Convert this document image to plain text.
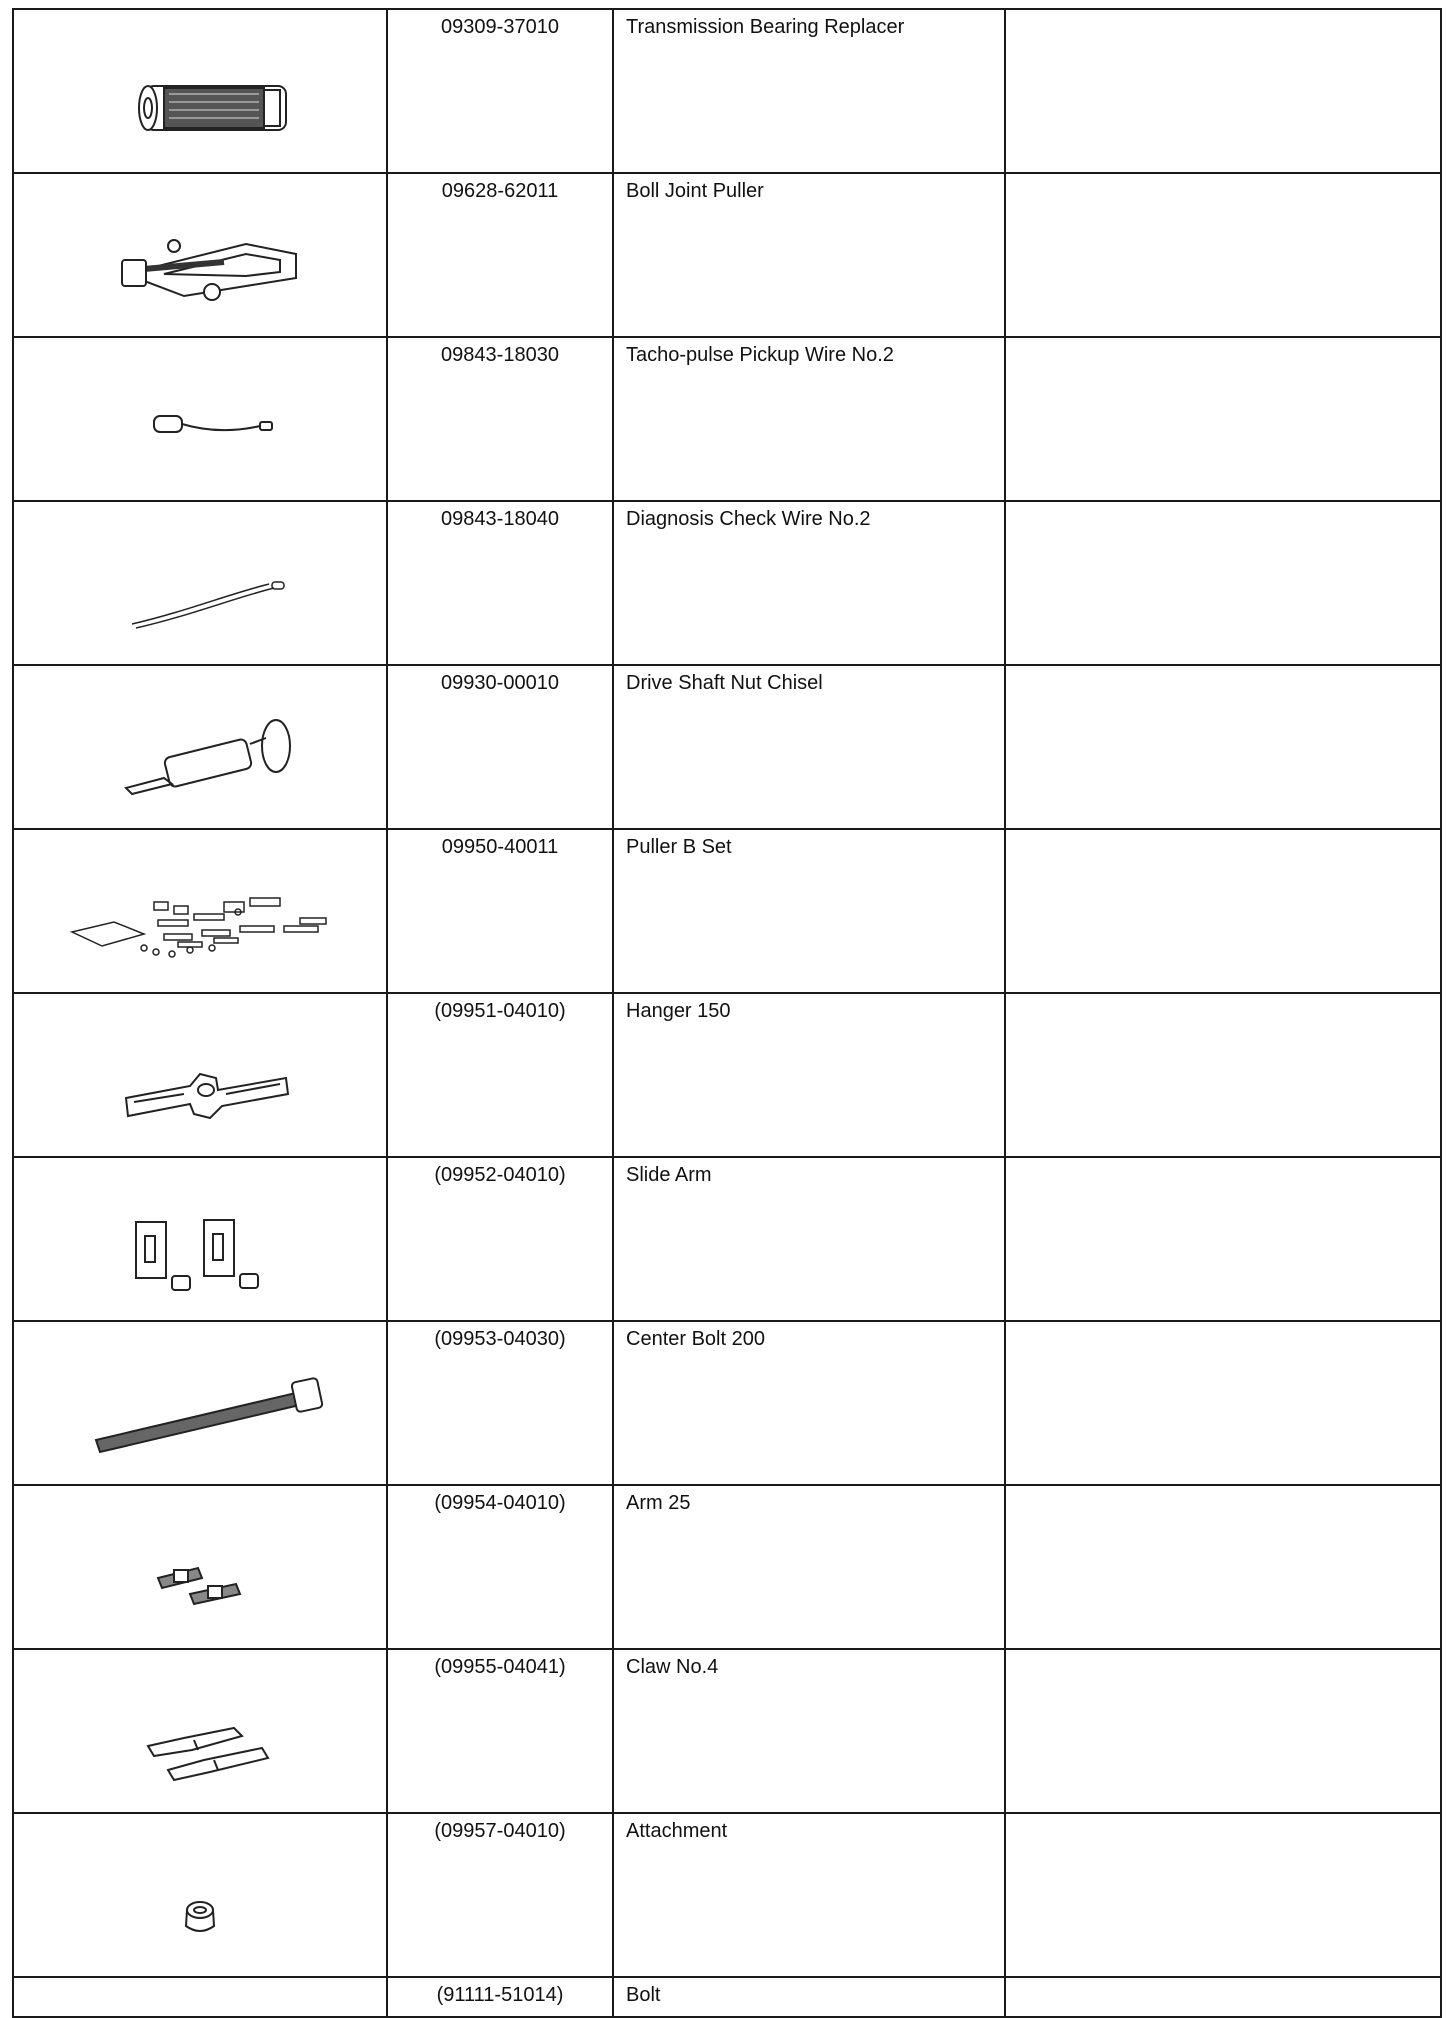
09309-37010	Transmission Bearing Replacer	

09628-62011	Boll Joint Puller	

09843-18030	Tacho-pulse Pickup Wire No.2	

09843-18040	Diagnosis Check Wire No.2	

09930-00010	Drive Shaft Nut Chisel	

09950-40011	Puller B Set	

(09951-04010)	Hanger 150	

(09952-04010)	Slide Arm	

(09953-04030)	Center Bolt 200	

(09954-04010)	Arm 25	

(09955-04041)	Claw No.4	

(09957-04010)	Attachment	

	(91111-51014)	Bolt	
